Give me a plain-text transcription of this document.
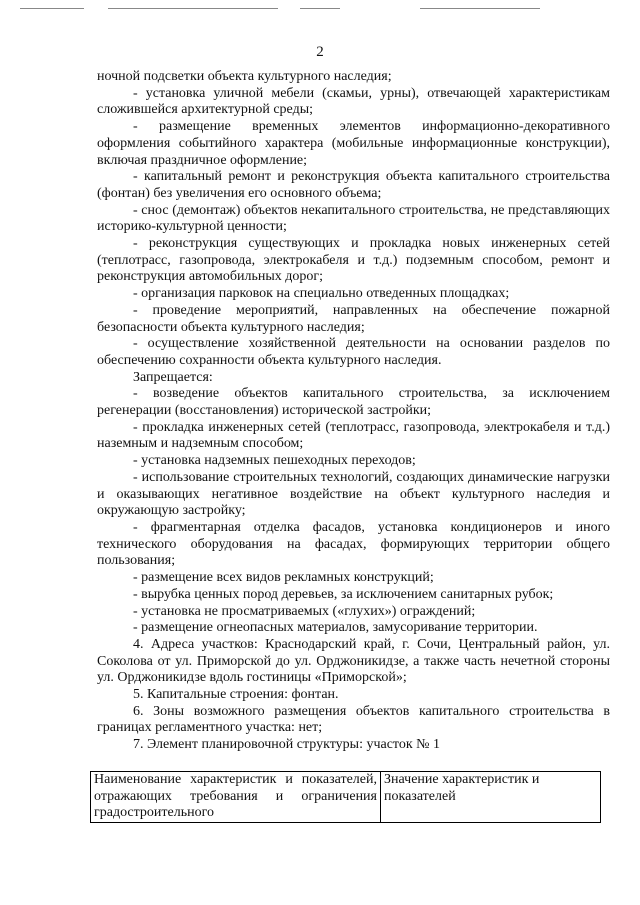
2

ночной подсветки объекта культурного наследия;

- установка уличной мебели (скамьи, урны), отвечающей характеристикам сложившейся архитектурной среды;

- размещение временных элементов информационно-декоративного оформления событийного характера (мобильные информационные конструкции), включая праздничное оформление;

- капитальный ремонт и реконструкция объекта капитального строительства (фонтан) без увеличения его основного объема;

- снос (демонтаж) объектов некапитального строительства, не представляющих историко-культурной ценности;

- реконструкция существующих и прокладка новых инженерных сетей (теплотрасс, газопровода, электрокабеля и т.д.) подземным способом, ремонт и реконструкция автомобильных дорог;

- организация парковок на специально отведенных площадках;

- проведение мероприятий, направленных на обеспечение пожарной безопасности объекта культурного наследия;

- осуществление хозяйственной деятельности на основании разделов по обеспечению сохранности объекта культурного наследия.

Запрещается:

- возведение объектов капитального строительства, за исключением регенерации (восстановления) исторической застройки;

- прокладка инженерных сетей (теплотрасс, газопровода, электрокабеля и т.д.) наземным и надземным способом;

- установка надземных пешеходных переходов;

- использование строительных технологий, создающих динамические нагрузки и оказывающих негативное воздействие на объект культурного наследия и окружающую застройку;

- фрагментарная отделка фасадов, установка кондиционеров и иного технического оборудования на фасадах, формирующих территории общего пользования;

- размещение всех видов рекламных конструкций;

- вырубка ценных пород деревьев, за исключением санитарных рубок;

- установка не просматриваемых («глухих») ограждений;

- размещение огнеопасных материалов, замусоривание территории.

4. Адреса участков: Краснодарский край, г. Сочи, Центральный район, ул. Соколова от ул. Приморской до ул. Орджоникидзе, а также часть нечетной стороны ул. Орджоникидзе вдоль гостиницы «Приморской»;

5. Капитальные строения: фонтан.

6. Зоны возможного размещения объектов капитального строительства в границах регламентного участка: нет;

7. Элемент планировочной структуры: участок № 1

Наименование характеристик и показателей, отражающих требования и ограничения градостроительного	Значение характеристик и показателей
